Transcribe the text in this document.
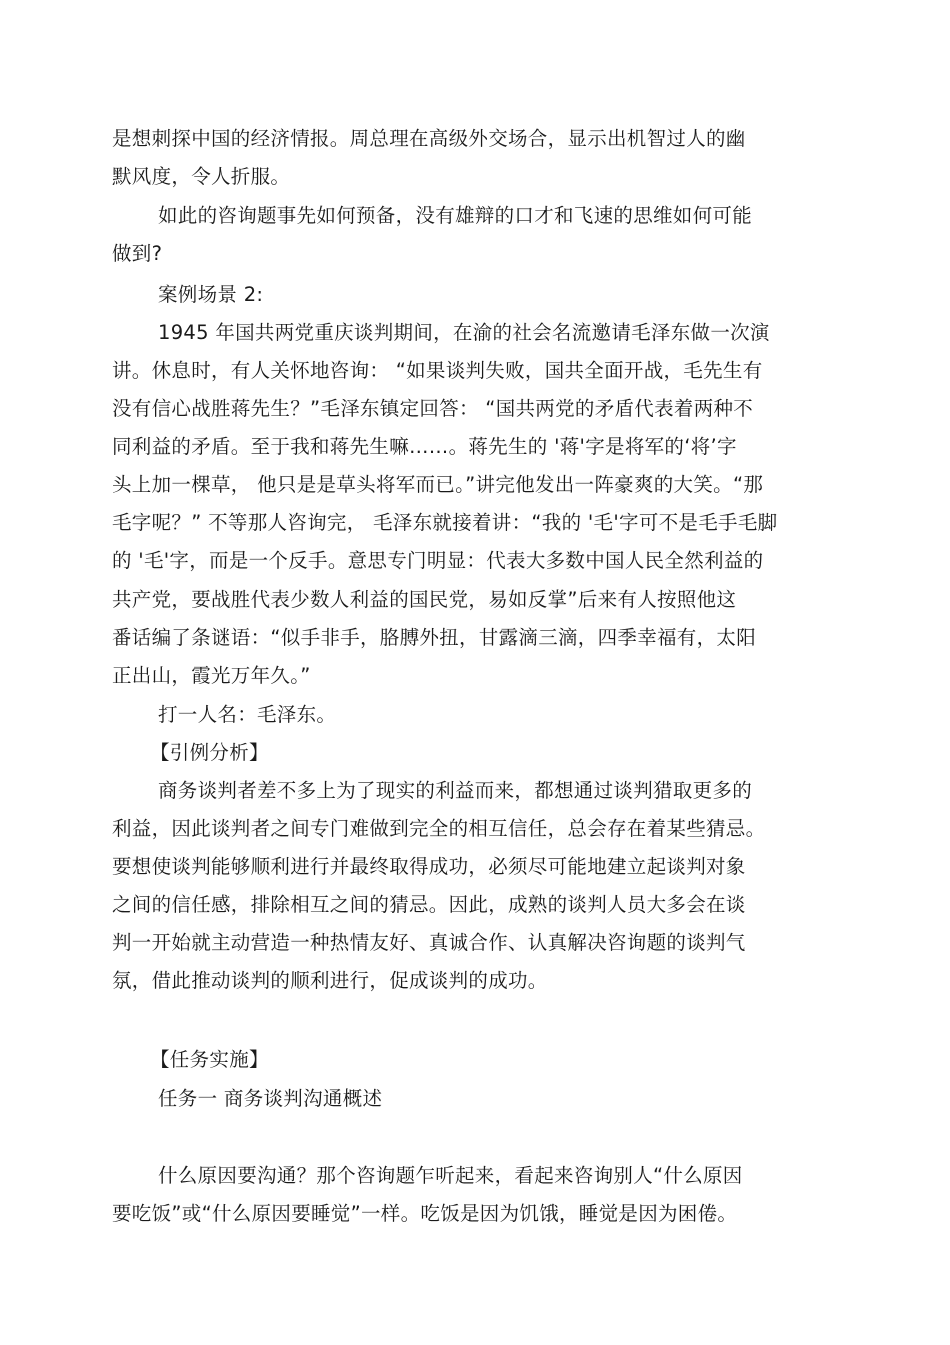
是想刺探中国的经济情报。周总理在高级外交场合，显示出机智过人的幽
默风度，令人折服。
如此的咨询题事先如何预备，没有雄辩的口才和飞速的思维如何可能
做到?
案例场景 2:
1945 年国共两党重庆谈判期间，在渝的社会名流邀请毛泽东做一次演
讲。休息时，有人关怀地咨询： “如果谈判失败，国共全面开战，毛先生有
没有信心战胜蒋先生？”毛泽东镇定回答： “国共两党的矛盾代表着两种不
同利益的矛盾。至于我和蒋先生嘛……。蒋先生的 '蒋'字是将军的‘将’字
头上加一棵草， 他只是是草头将军而已。”讲完他发出一阵豪爽的大笑。“那
毛字呢？” 不等那人咨询完， 毛泽东就接着讲：“我的 '毛'字可不是毛手毛脚
的 '毛'字，而是一个反手。意思专门明显：代表大多数中国人民全然利益的
共产党，要战胜代表少数人利益的国民党，易如反掌”后来有人按照他这
番话编了条谜语：“似手非手，胳膊外扭，甘露滴三滴，四季幸福有，太阳
正出山，霞光万年久。”
打一人名：毛泽东。
【引例分析】
商务谈判者差不多上为了现实的利益而来，都想通过谈判猎取更多的
利益，因此谈判者之间专门难做到完全的相互信任，总会存在着某些猜忌。
要想使谈判能够顺利进行并最终取得成功，必须尽可能地建立起谈判对象
之间的信任感，排除相互之间的猜忌。因此，成熟的谈判人员大多会在谈
判一开始就主动营造一种热情友好、真诚合作、认真解决咨询题的谈判气
氛，借此推动谈判的顺利进行，促成谈判的成功。
【任务实施】
任务一 商务谈判沟通概述
什么原因要沟通？那个咨询题乍听起来，看起来咨询别人“什么原因
要吃饭”或“什么原因要睡觉”一样。吃饭是因为饥饿，睡觉是因为困倦。
